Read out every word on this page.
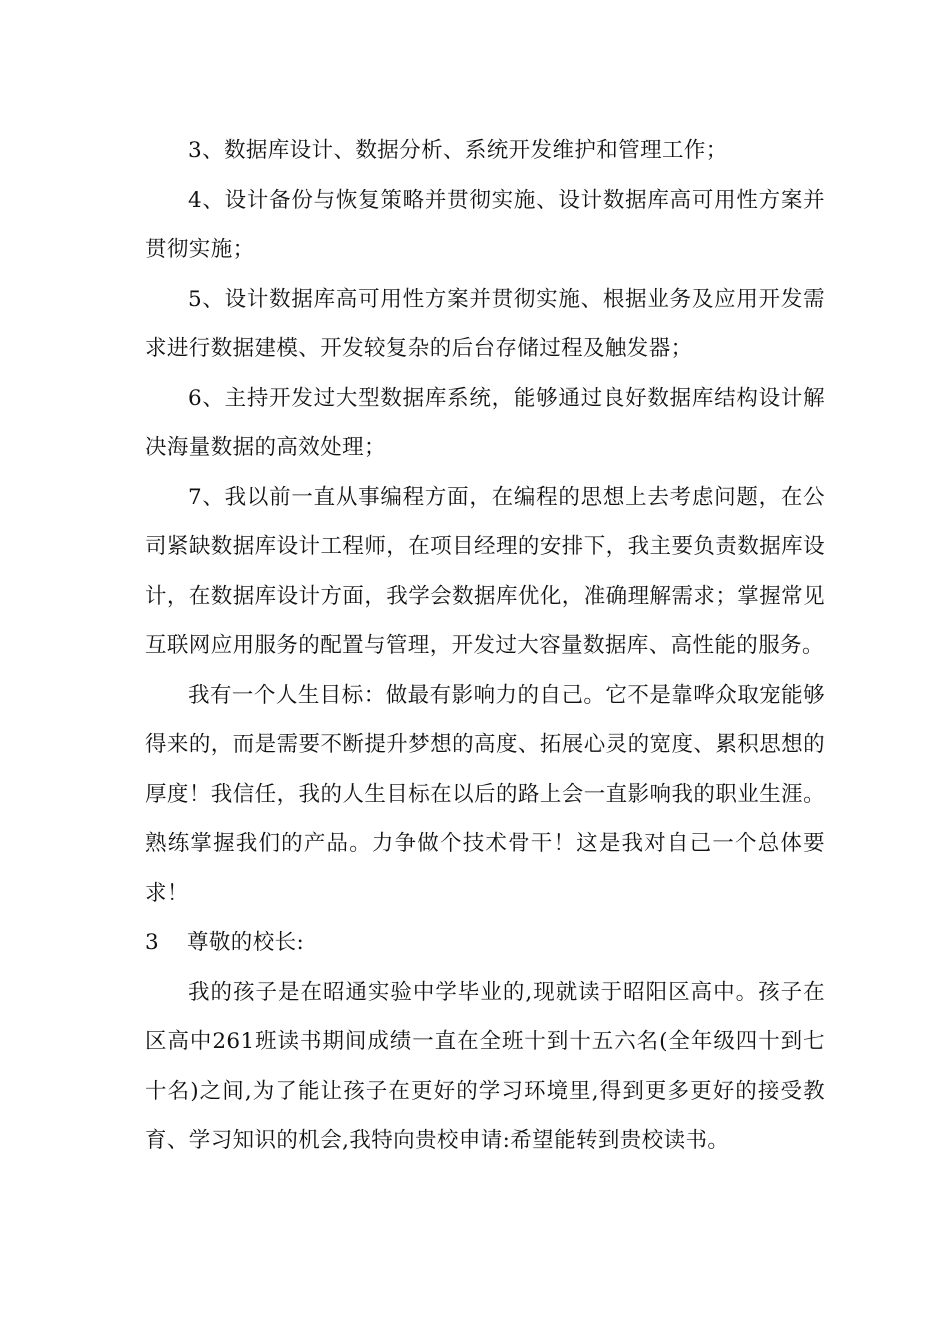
3、数据库设计、数据分析、系统开发维护和管理工作；

4、设计备份与恢复策略并贯彻实施、设计数据库高可用性方案并贯彻实施；

5、设计数据库高可用性方案并贯彻实施、根据业务及应用开发需求进行数据建模、开发较复杂的后台存储过程及触发器；

6、主持开发过大型数据库系统，能够通过良好数据库结构设计解决海量数据的高效处理；

7、我以前一直从事编程方面，在编程的思想上去考虑问题，在公司紧缺数据库设计工程师，在项目经理的安排下，我主要负责数据库设计，在数据库设计方面，我学会数据库优化，准确理解需求；掌握常见互联网应用服务的配置与管理，开发过大容量数据库、高性能的服务。

我有一个人生目标：做最有影响力的自己。它不是靠哗众取宠能够得来的，而是需要不断提升梦想的高度、拓展心灵的宽度、累积思想的厚度！我信任，我的人生目标在以后的路上会一直影响我的职业生涯。熟练掌握我们的产品。力争做个技术骨干！这是我对自己一个总体要求！

3	尊敬的校长:

我的孩子是在昭通实验中学毕业的,现就读于昭阳区高中。孩子在区高中261班读书期间成绩一直在全班十到十五六名(全年级四十到七十名)之间,为了能让孩子在更好的学习环境里,得到更多更好的接受教育、学习知识的机会,我特向贵校申请:希望能转到贵校读书。
